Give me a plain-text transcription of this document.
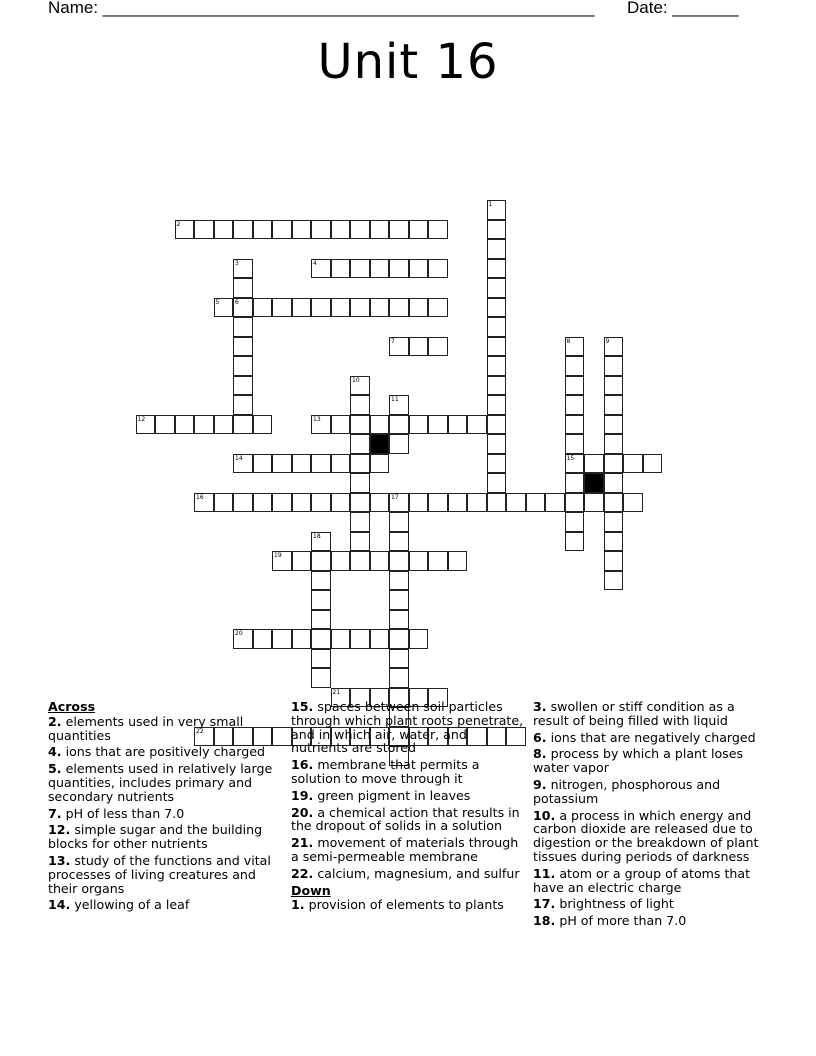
Name: ____________________________________________________ Date: _______
Unit 16
1
2
3
6
4
5
7	8
15
9
10
11
12	13
14
16	17
18
19
20
21
22
Across
2. elements used in very small quantities
4. ions that are positively charged
5. elements used in relatively large quantities, includes primary and secondary nutrients
7. pH of less than 7.0
12. simple sugar and the building blocks for other nutrients
13. study of the functions and vital processes of living creatures and their organs
14. yellowing of a leaf
15. spaces between soil particles through which plant roots penetrate, and in which air, water, and nutrients are stored
16. membrane that permits a solution to move through it
19. green pigment in leaves
20. a chemical action that results in the dropout of solids in a solution
21. movement of materials through a semi-permeable membrane
22. calcium, magnesium, and sulfur
Down
1. provision of elements to plants
3. swollen or stiff condition as a result of being filled with liquid
6. ions that are negatively charged
8. process by which a plant loses water vapor
9. nitrogen, phosphorous and potassium
10. a process in which energy and carbon dioxide are released due to digestion or the breakdown of plant tissues during periods of darkness
11. atom or a group of atoms that have an electric charge
17. brightness of light
18. pH of more than 7.0
